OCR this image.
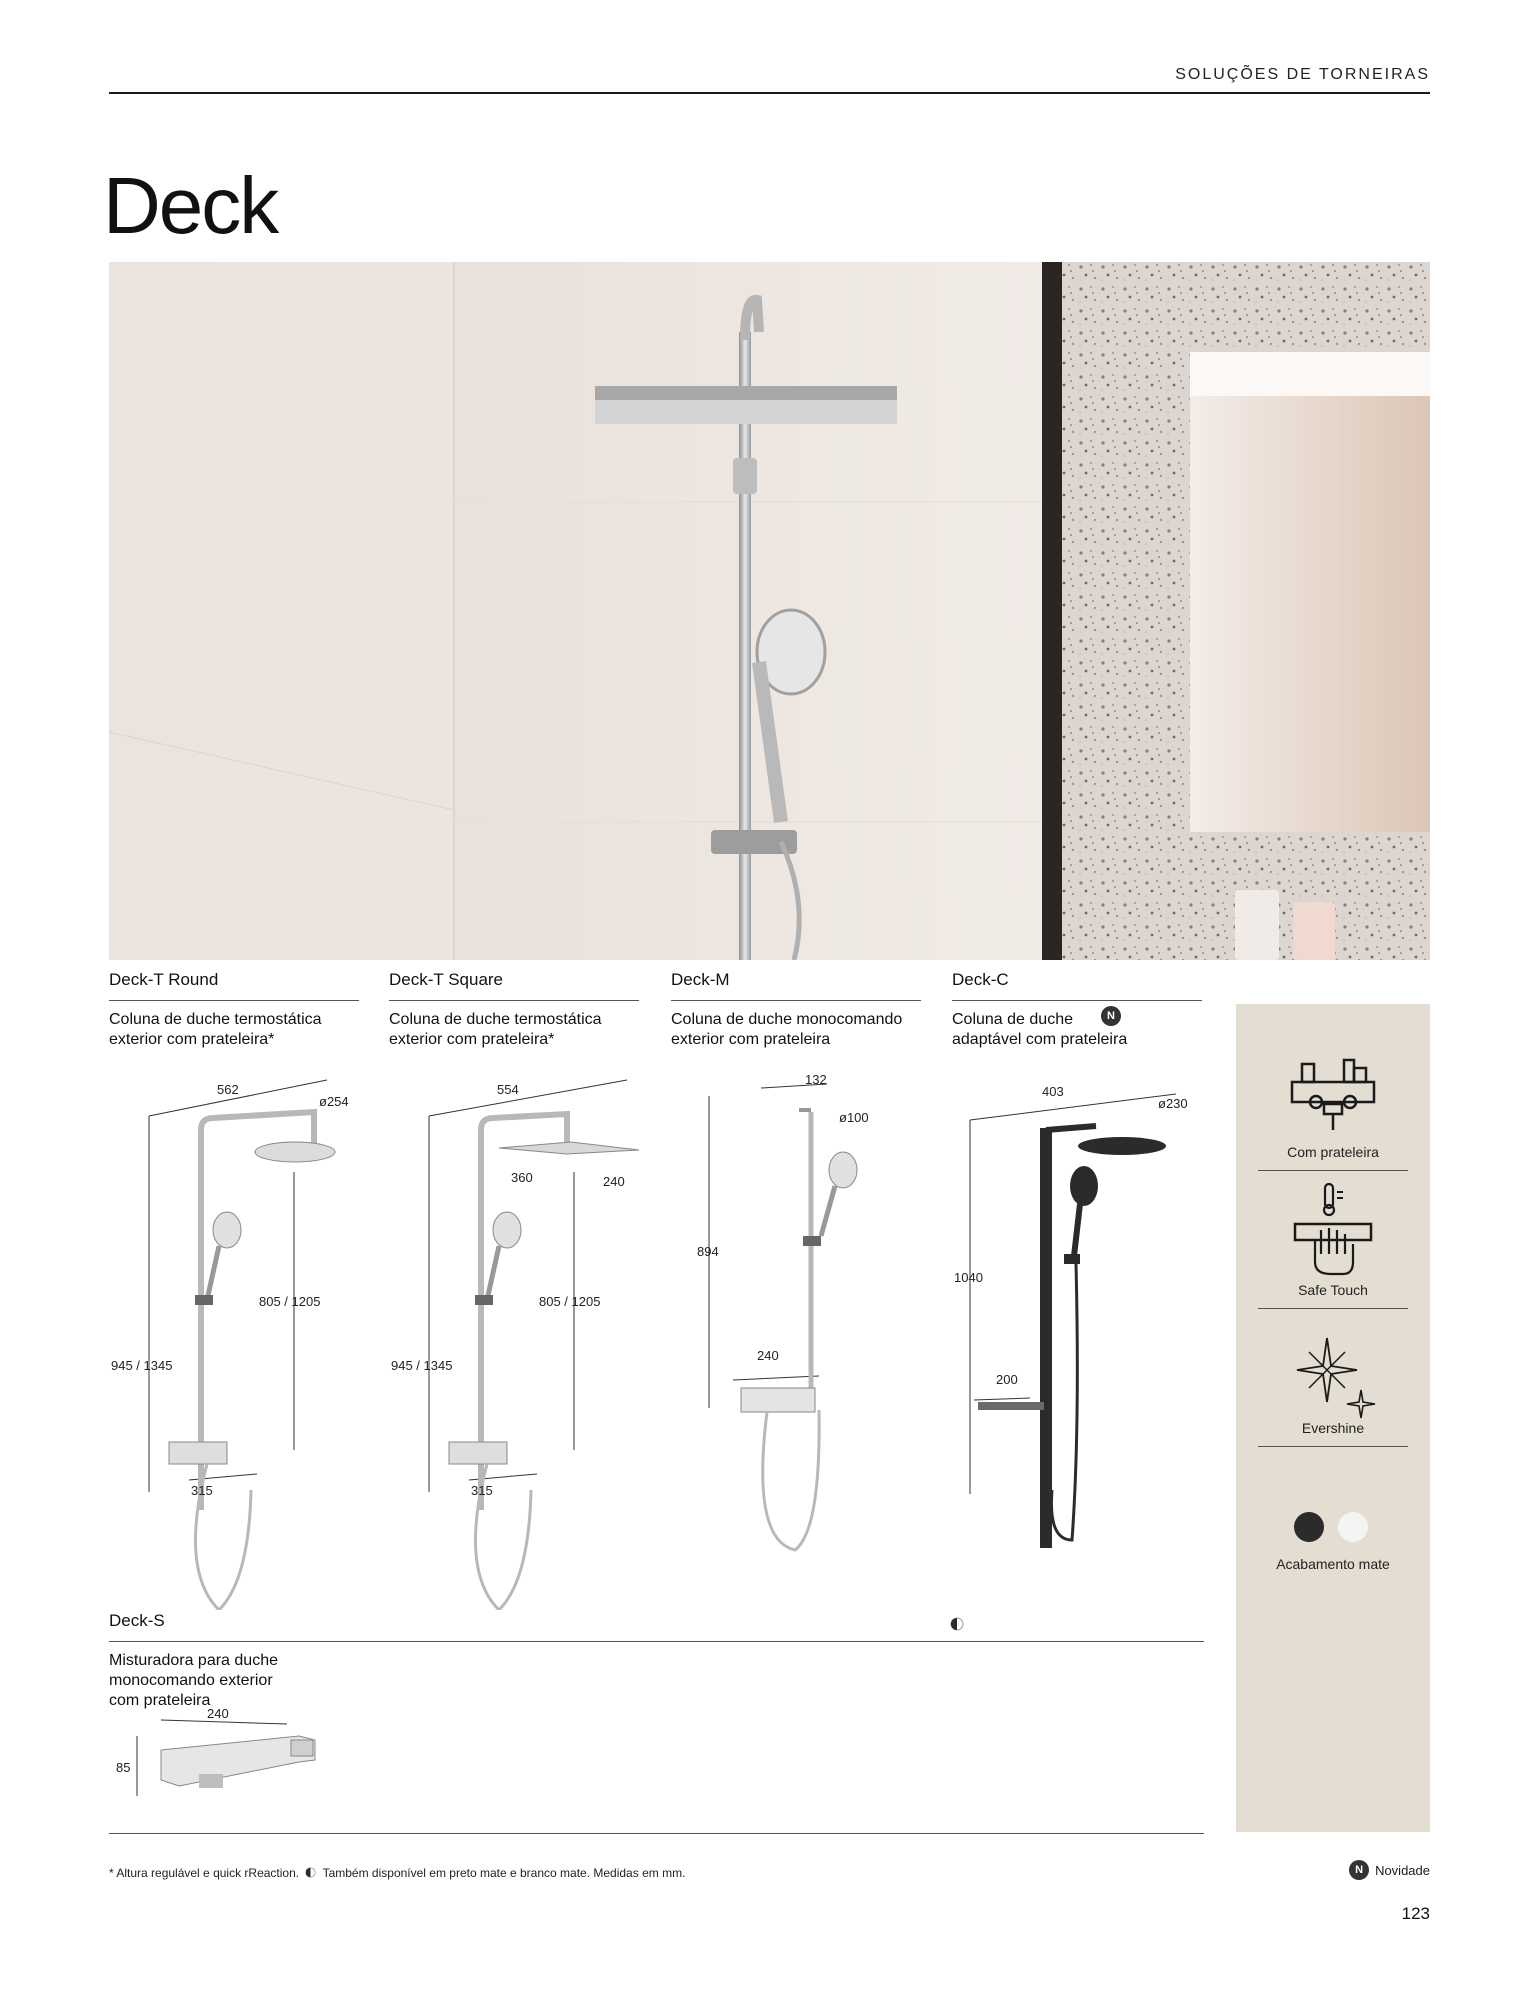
SOLUÇÕES DE TORNEIRAS
Deck
Deck-T Round
Coluna de duche termostática
exterior com prateleira*
562
ø254
805 / 1205
945 / 1345
315
Deck-T Square
Coluna de duche termostática
exterior com prateleira*
554
360	240
805 / 1205
945 / 1345
315
Deck-M
Coluna de duche monocomando
exterior com prateleira
132
ø100
894
240
Deck-C
Coluna de duche
adaptável com prateleira
N
403
ø230
1040
200
Deck-S
Misturadora para duche
monocomando exterior
com prateleira
240
85
Com prateleira
Safe Touch
Evershine
Acabamento mate
* Altura regulável e quick rReaction. Também disponível em preto mate e branco mate. Medidas em mm.	N Novidade
123
